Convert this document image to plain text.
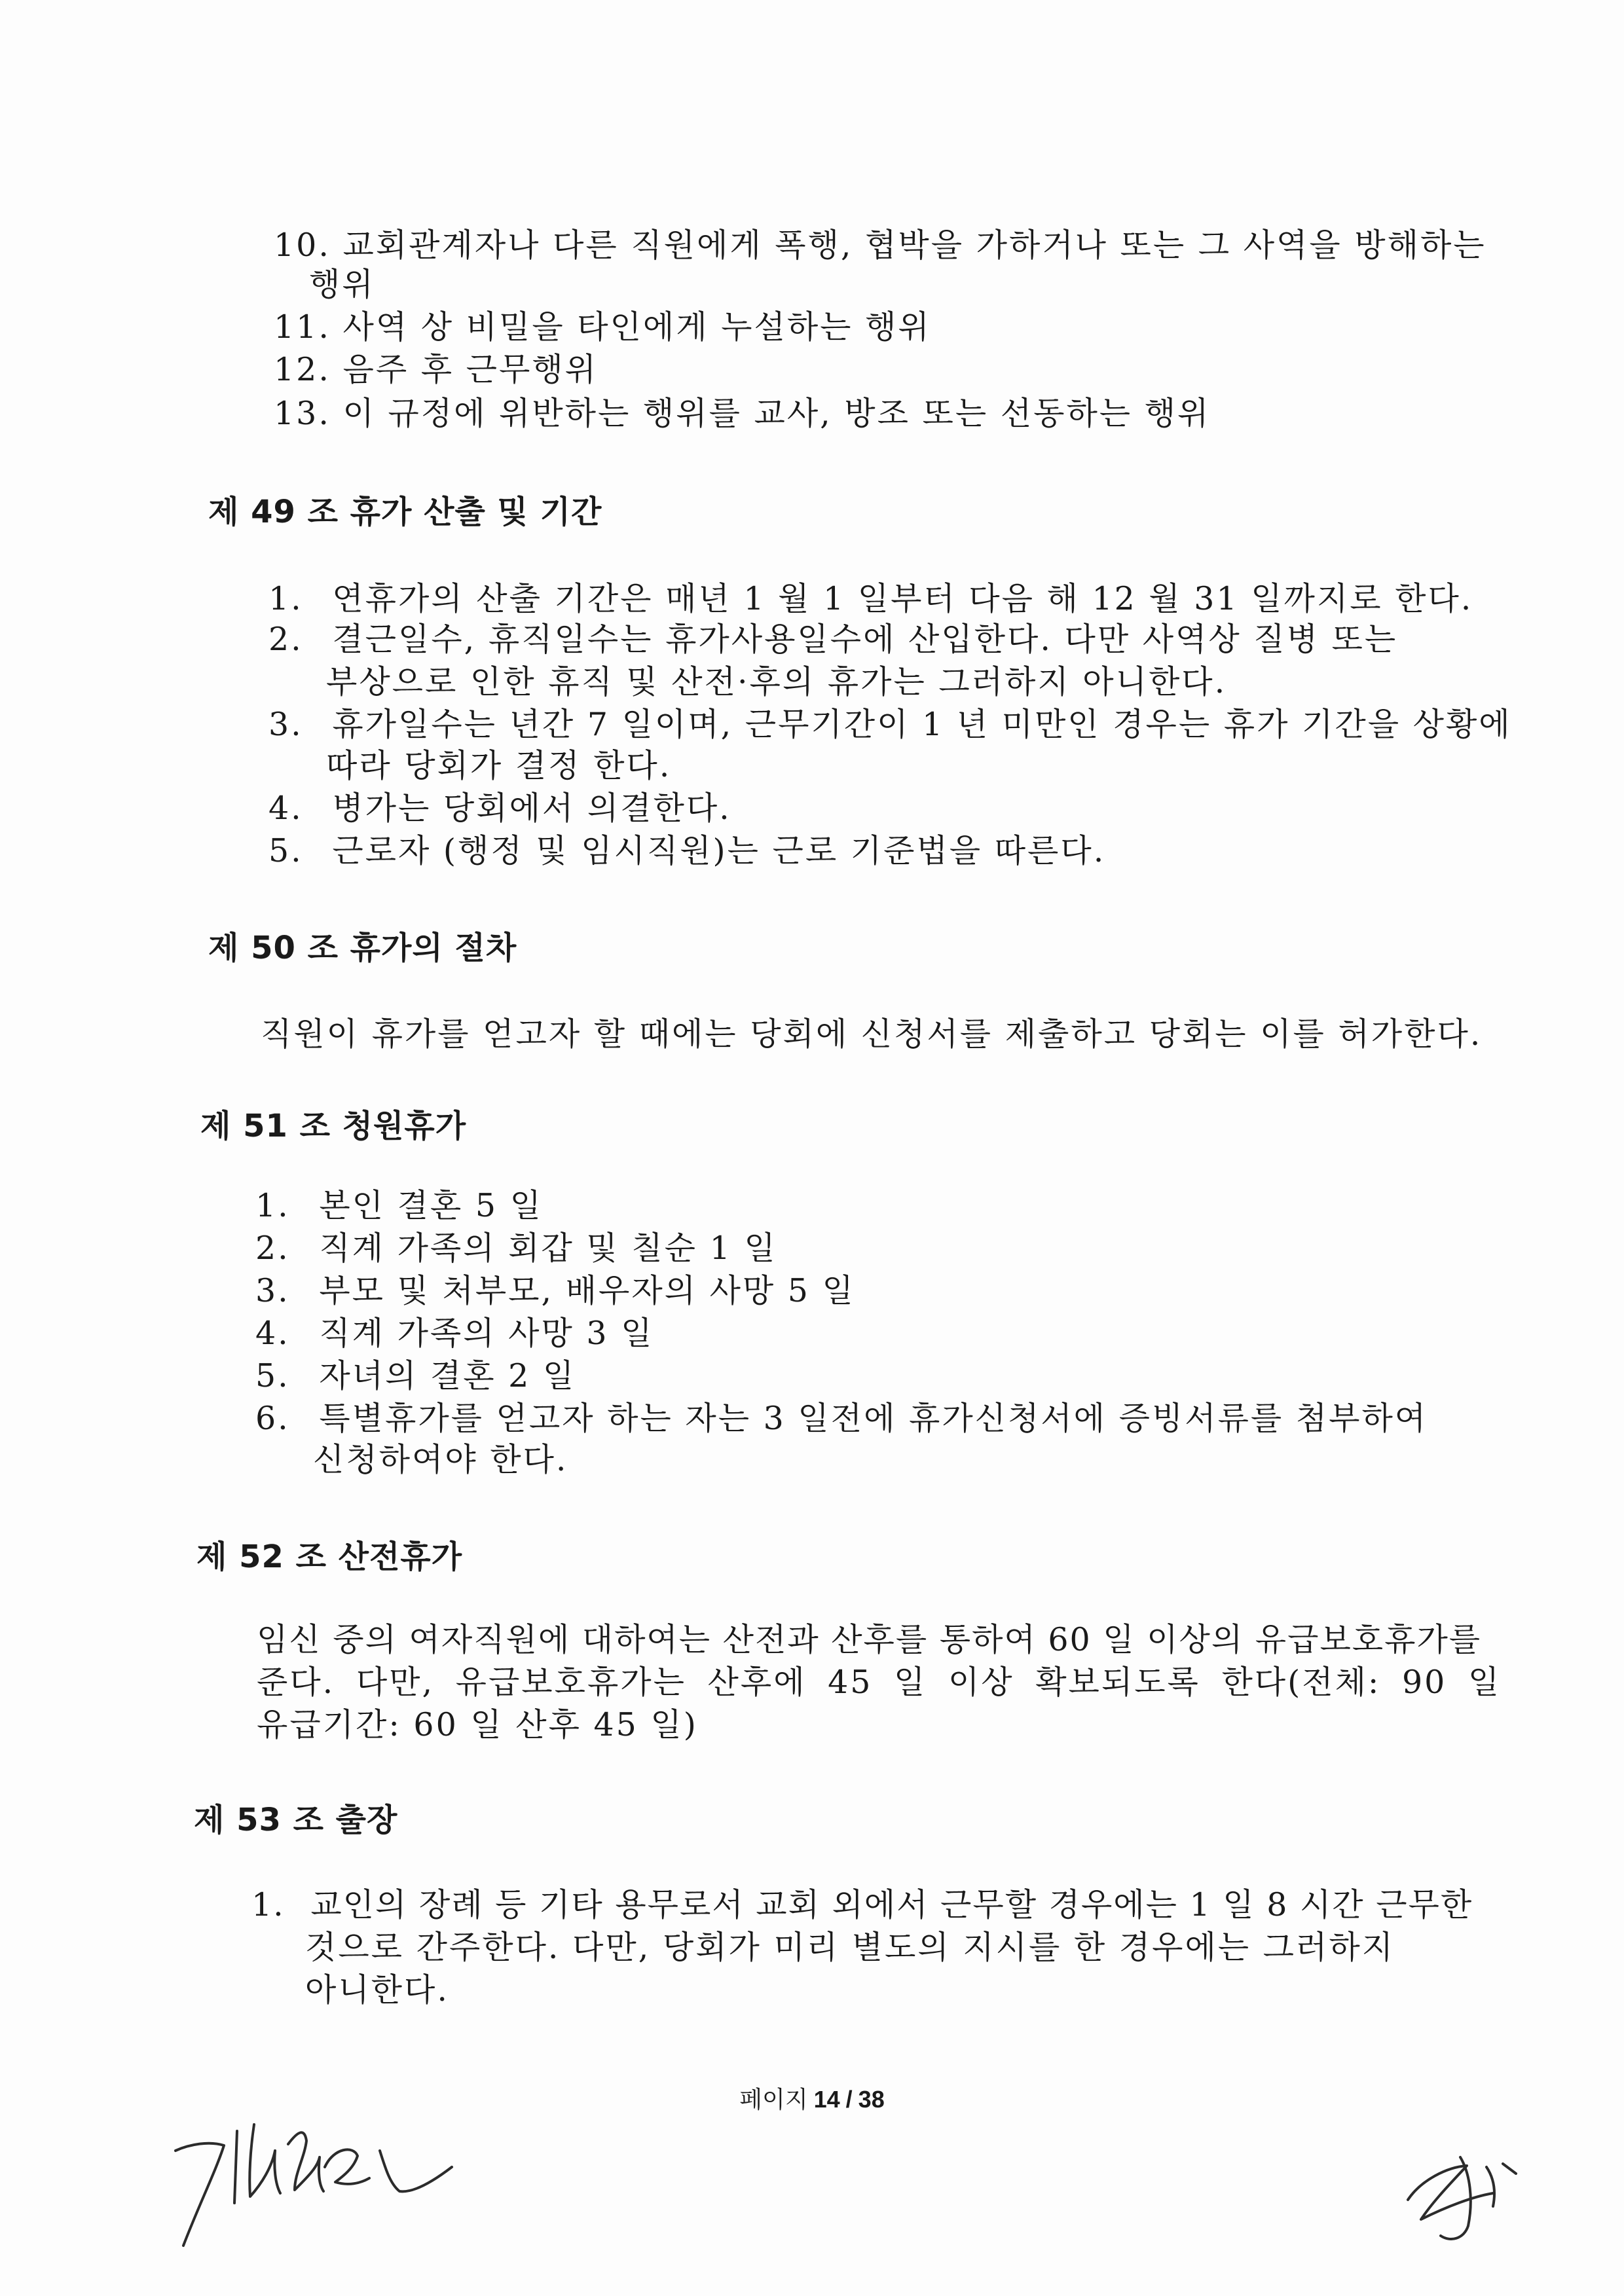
10. 교회관계자나 다른 직원에게 폭행, 협박을 가하거나 또는 그 사역을 방해하는
행위
11. 사역 상 비밀을 타인에게 누설하는 행위
12. 음주 후 근무행위
13. 이 규정에 위반하는 행위를 교사, 방조 또는 선동하는 행위
제 49 조 휴가 산출 및 기간
1. 연휴가의 산출 기간은 매년 1 월 1 일부터 다음 해 12 월 31 일까지로 한다.
2. 결근일수, 휴직일수는 휴가사용일수에 산입한다. 다만 사역상 질병 또는
부상으로 인한 휴직 및 산전·후의 휴가는 그러하지 아니한다.
3. 휴가일수는 년간 7 일이며, 근무기간이 1 년 미만인 경우는 휴가 기간을 상황에
따라 당회가 결정 한다.
4. 병가는 당회에서 의결한다.
5. 근로자 (행정 및 임시직원)는 근로 기준법을 따른다.
제 50 조 휴가의 절차
직원이 휴가를 얻고자 할 때에는 당회에 신청서를 제출하고 당회는 이를 허가한다.
제 51 조 청원휴가
1. 본인 결혼 5 일
2. 직계 가족의 회갑 및 칠순 1 일
3. 부모 및 처부모, 배우자의 사망 5 일
4. 직계 가족의 사망 3 일
5. 자녀의 결혼 2 일
6. 특별휴가를 얻고자 하는 자는 3 일전에 휴가신청서에 증빙서류를 첨부하여
신청하여야 한다.
제 52 조 산전휴가
임신 중의 여자직원에 대하여는 산전과 산후를 통하여 60 일 이상의 유급보호휴가를
준다. 다만, 유급보호휴가는 산후에 45 일 이상 확보되도록 한다(전체: 90 일
유급기간: 60 일 산후 45 일)
제 53 조 출장
1. 교인의 장례 등 기타 용무로서 교회 외에서 근무할 경우에는 1 일 8 시간 근무한
것으로 간주한다. 다만, 당회가 미리 별도의 지시를 한 경우에는 그러하지
아니한다.
페이지 14 / 38
